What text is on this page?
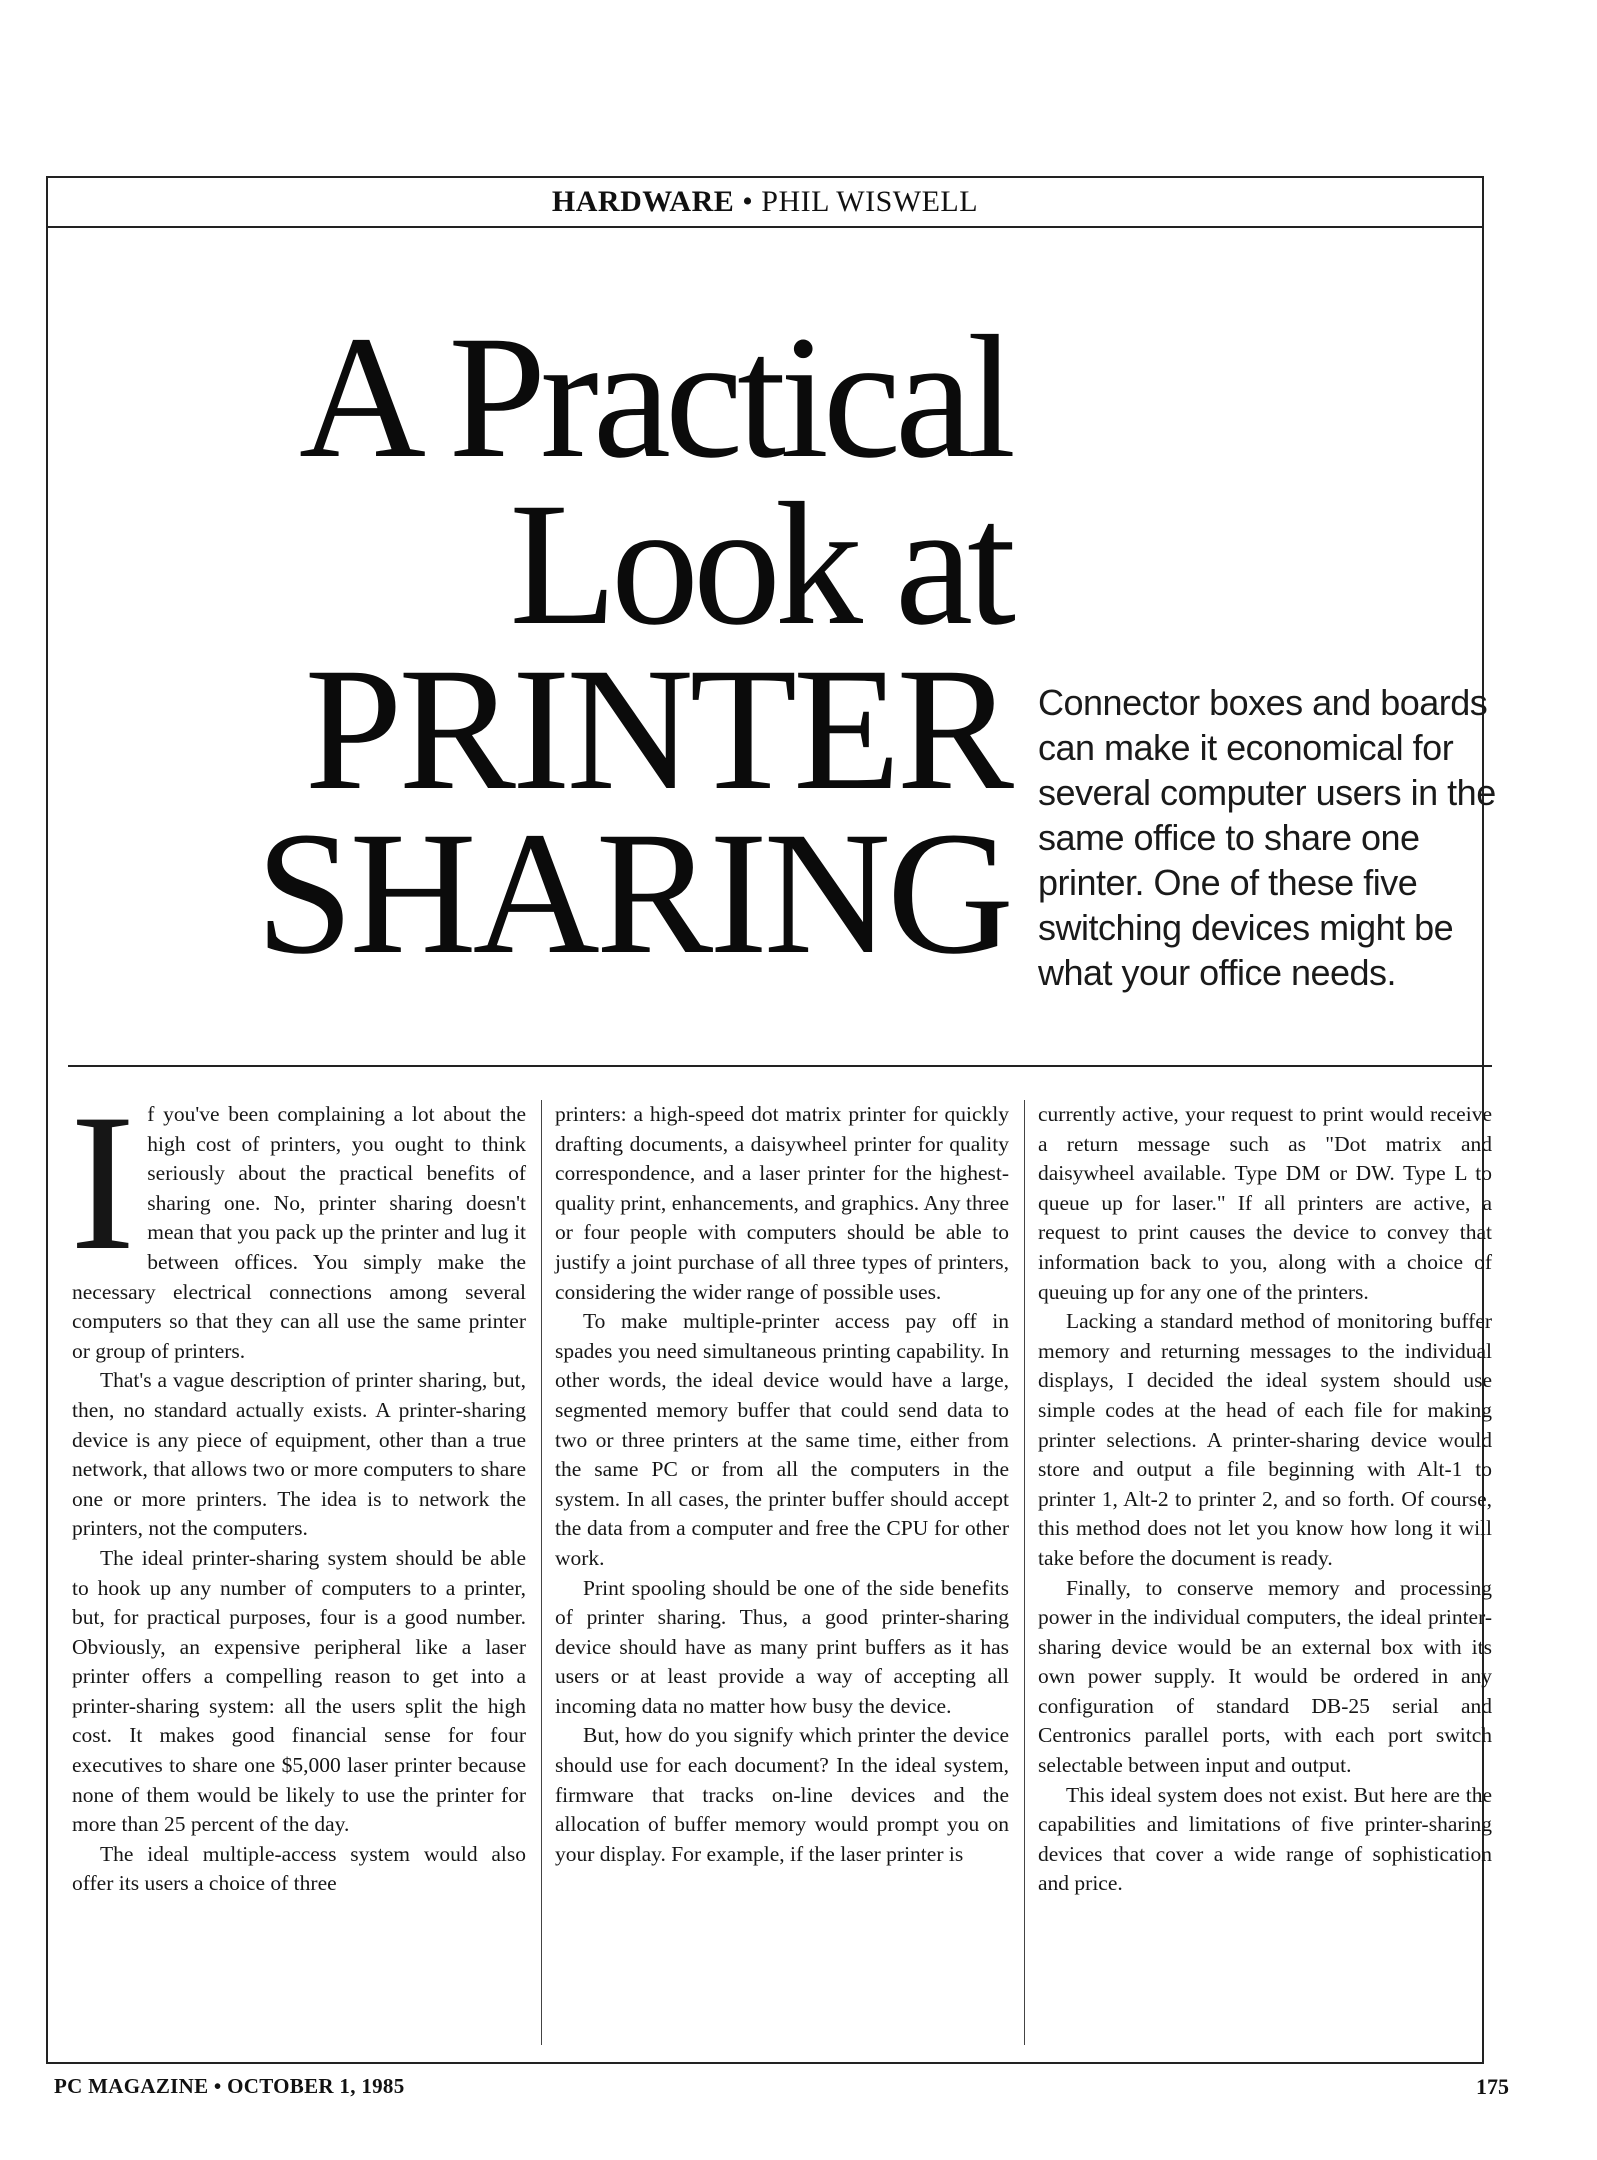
HARDWARE • PHIL WISWELL
A Practical
Look at
PRINTER
SHARING
Connector boxes and boards can make it economical for several computer users in the same office to share one printer. One of these five switching devices might be what your office needs.

If you've been complaining a lot about the high cost of printers, you ought to think seriously about the practical benefits of sharing one. No, printer sharing doesn't mean that you pack up the printer and lug it between offices. You simply make the necessary electrical connections among several computers so that they can all use the same printer or group of printers.

That's a vague description of printer sharing, but, then, no standard actually exists. A printer-sharing device is any piece of equipment, other than a true network, that allows two or more computers to share one or more printers. The idea is to network the printers, not the computers.

The ideal printer-sharing system should be able to hook up any number of computers to a printer, but, for practical purposes, four is a good number. Obviously, an expensive peripheral like a laser printer offers a compelling reason to get into a printer-sharing system: all the users split the high cost. It makes good financial sense for four executives to share one $5,000 laser printer because none of them would be likely to use the printer for more than 25 percent of the day.

The ideal multiple-access system would also offer its users a choice of three

printers: a high-speed dot matrix printer for quickly drafting documents, a daisywheel printer for quality correspondence, and a laser printer for the highest-quality print, enhancements, and graphics. Any three or four people with computers should be able to justify a joint purchase of all three types of printers, considering the wider range of possible uses.

To make multiple-printer access pay off in spades you need simultaneous printing capability. In other words, the ideal device would have a large, segmented memory buffer that could send data to two or three printers at the same time, either from the same PC or from all the computers in the system. In all cases, the printer buffer should accept the data from a computer and free the CPU for other work.

Print spooling should be one of the side benefits of printer sharing. Thus, a good printer-sharing device should have as many print buffers as it has users or at least provide a way of accepting all incoming data no matter how busy the device.

But, how do you signify which printer the device should use for each document? In the ideal system, firmware that tracks on-line devices and the allocation of buffer memory would prompt you on your display. For example, if the laser printer is

currently active, your request to print would receive a return message such as "Dot matrix and daisywheel available. Type DM or DW. Type L to queue up for laser." If all printers are active, a request to print causes the device to convey that information back to you, along with a choice of queuing up for any one of the printers.

Lacking a standard method of monitoring buffer memory and returning messages to the individual displays, I decided the ideal system should use simple codes at the head of each file for making printer selections. A printer-sharing device would store and output a file beginning with Alt-1 to printer 1, Alt-2 to printer 2, and so forth. Of course, this method does not let you know how long it will take before the document is ready.

Finally, to conserve memory and processing power in the individual computers, the ideal printer-sharing device would be an external box with its own power supply. It would be ordered in any configuration of standard DB-25 serial and Centronics parallel ports, with each port switch selectable between input and output.

This ideal system does not exist. But here are the capabilities and limitations of five printer-sharing devices that cover a wide range of sophistication and price.

PC MAGAZINE • OCTOBER 1, 1985	175
